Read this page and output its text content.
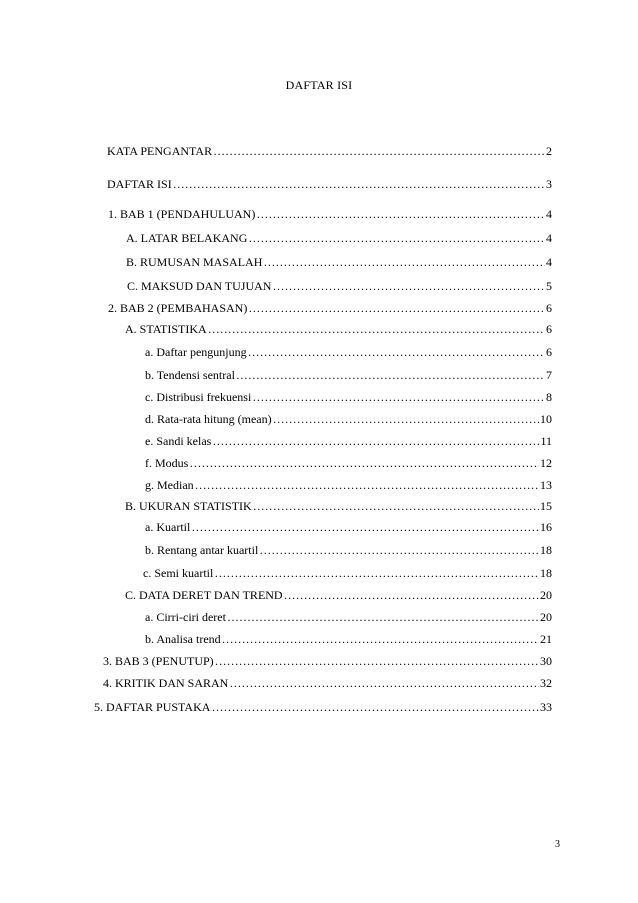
DAFTAR ISI
KATA PENGANTAR ……………………………………………………………………………………………………………………………………………………………………………………	2
DAFTAR ISI ……………………………………………………………………………………………………………………………………………………………………………………	3
1. BAB 1 (PENDAHULUAN) ……………………………………………………………………………………………………………………………………………………………………………………	4
A. LATAR BELAKANG ……………………………………………………………………………………………………………………………………………………………………………………	4
B. RUMUSAN MASALAH ……………………………………………………………………………………………………………………………………………………………………………………	4
C. MAKSUD DAN TUJUAN ……………………………………………………………………………………………………………………………………………………………………………………	5
2. BAB 2 (PEMBAHASAN) ……………………………………………………………………………………………………………………………………………………………………………………	6
A. STATISTIKA ……………………………………………………………………………………………………………………………………………………………………………………	6
a. Daftar pengunjung ……………………………………………………………………………………………………………………………………………………………………………………	6
b. Tendensi sentral ……………………………………………………………………………………………………………………………………………………………………………………	7
c. Distribusi frekuensi ……………………………………………………………………………………………………………………………………………………………………………………	8
d. Rata-rata hitung (mean) ……………………………………………………………………………………………………………………………………………………………………………………	10
e. Sandi kelas ……………………………………………………………………………………………………………………………………………………………………………………	11
f. Modus ……………………………………………………………………………………………………………………………………………………………………………………	12
g. Median ……………………………………………………………………………………………………………………………………………………………………………………	13
B. UKURAN STATISTIK ……………………………………………………………………………………………………………………………………………………………………………………	15
a. Kuartil ……………………………………………………………………………………………………………………………………………………………………………………	16
b. Rentang antar kuartil ……………………………………………………………………………………………………………………………………………………………………………………	18
c. Semi kuartil ……………………………………………………………………………………………………………………………………………………………………………………	18
C. DATA DERET DAN TREND ……………………………………………………………………………………………………………………………………………………………………………………	20
a. Cirri-ciri deret ……………………………………………………………………………………………………………………………………………………………………………………	20
b. Analisa trend ……………………………………………………………………………………………………………………………………………………………………………………	21
3. BAB 3 (PENUTUP) ……………………………………………………………………………………………………………………………………………………………………………………	30
4. KRITIK DAN SARAN ……………………………………………………………………………………………………………………………………………………………………………………	32
5. DAFTAR PUSTAKA ……………………………………………………………………………………………………………………………………………………………………………………	33
3
